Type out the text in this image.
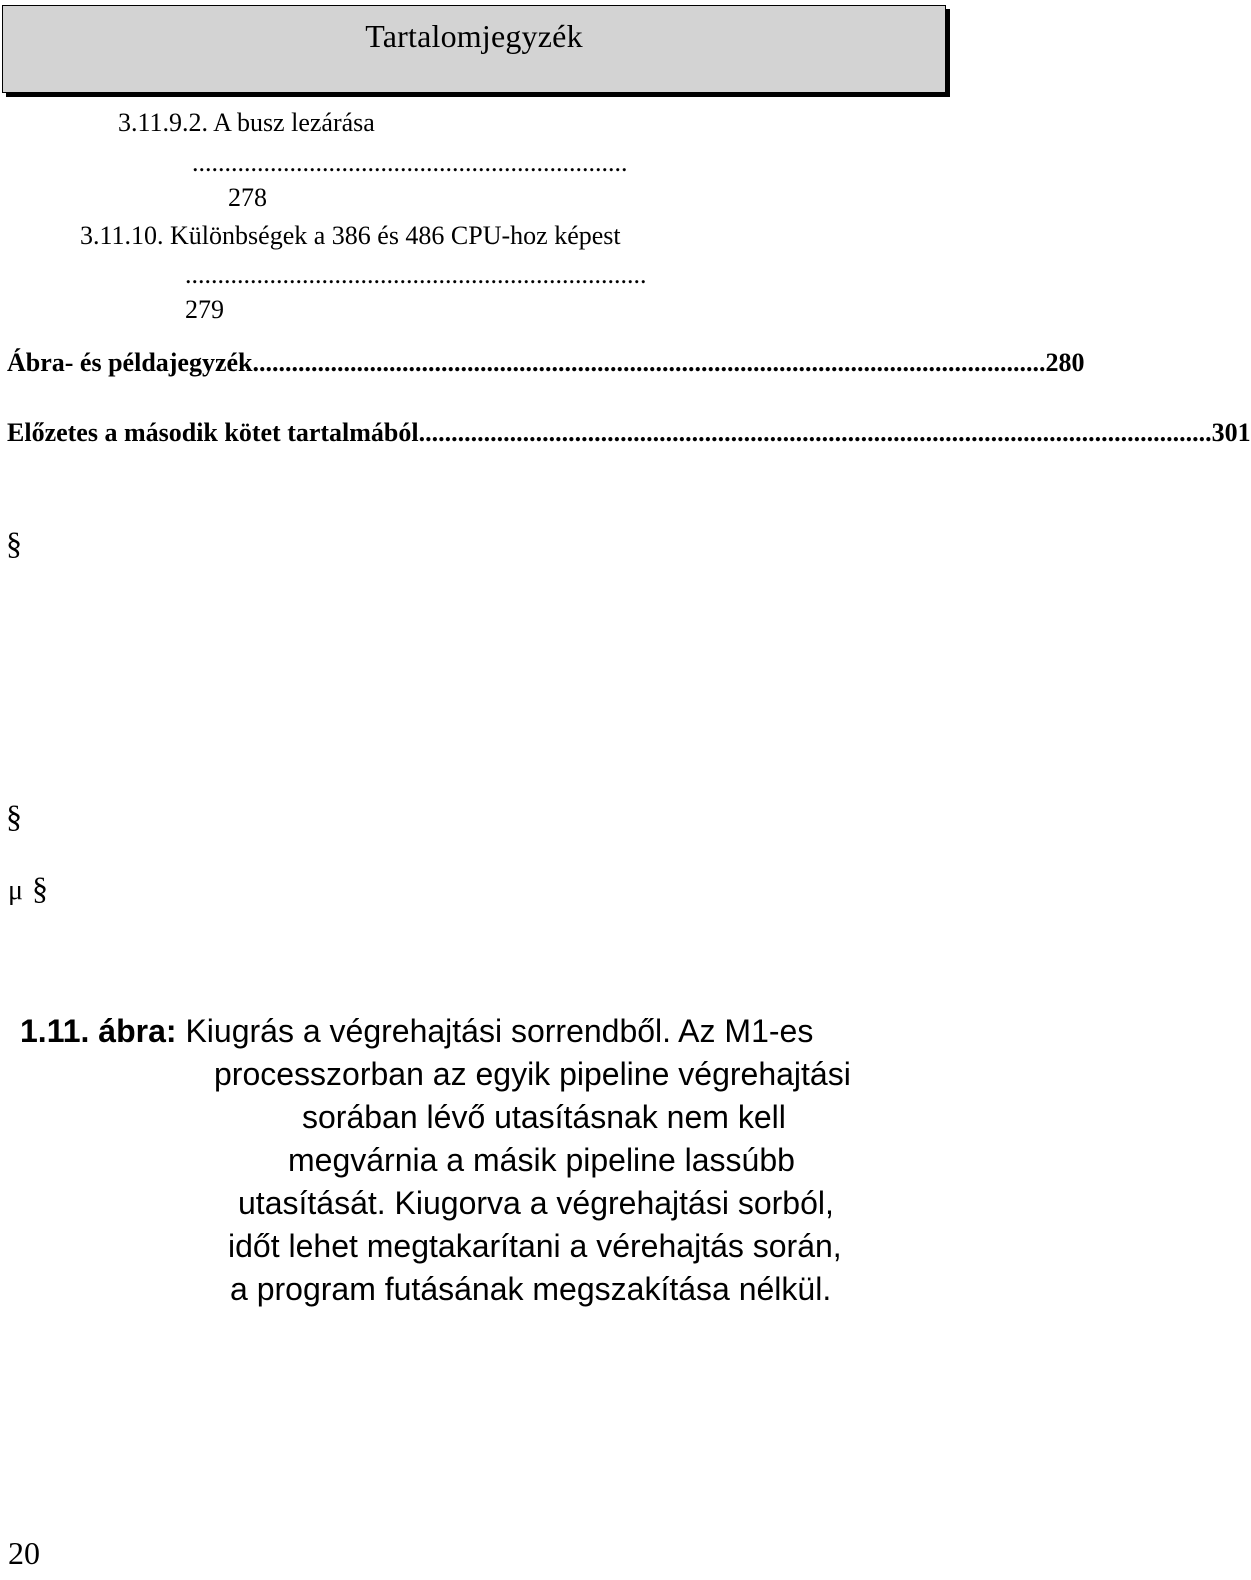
Tartalomjegyzék
3.11.9.2. A busz lezárása
...................................................................
278
3.11.10. Különbségek a 386 és 486 CPU-hoz képest
.......................................................................
279
Ábra- és példajegyzék .......................................................................................................................... 280
Előzetes a második kötet tartalmából .......................................................................................................................... 301
§
§
μ §
1.11. ábra: Kiugrás a végrehajtási sorrendből. Az M1-es
processzorban az egyik pipeline végrehajtási
sorában lévő utasításnak nem kell
megvárnia a másik pipeline lassúbb
utasítását. Kiugorva a végrehajtási sorból,
időt lehet megtakarítani a vérehajtás során,
a program futásának megszakítása nélkül.
20
